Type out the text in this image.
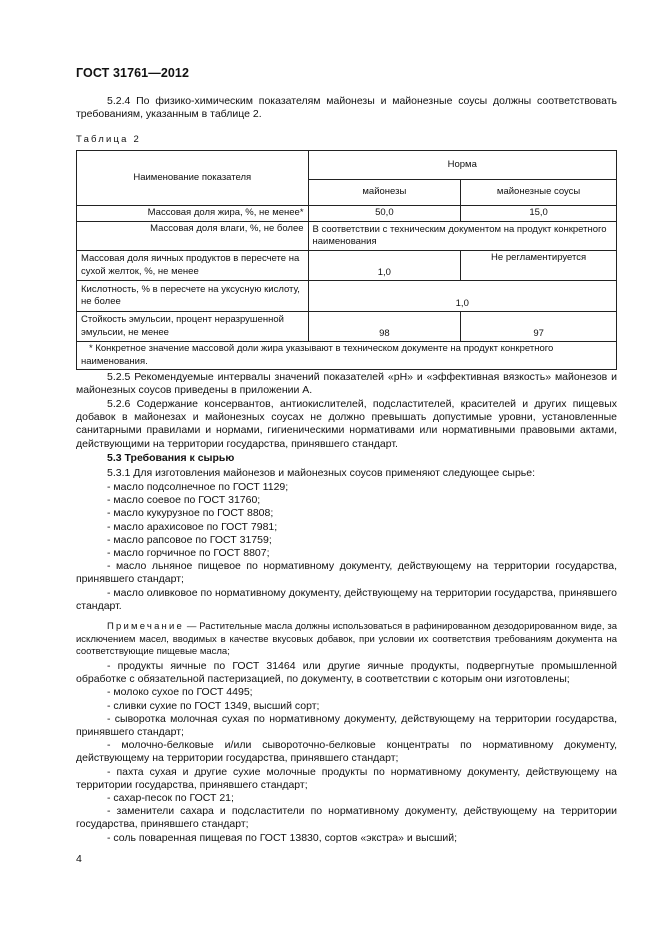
ГОСТ 31761—2012
5.2.4 По физико-химическим показателям майонезы и майонезные соусы должны соответствовать требованиям, указанным в таблице 2.
Таблица 2
Наименование показателя	Норма	
	майонезы	майонезные соусы
Массовая доля жира, %, не менее*	50,0	15,0
Массовая доля влаги, %, не более	В соответствии с техническим документом на продукт конкретного наименования	
Массовая доля яичных продуктов в пересчете на сухой желток, %, не менее	1,0	Не регламентируется
Кислотность, % в пересчете на уксусную кислоту, не более	1,0	
Стойкость эмульсии, процент неразрушенной эмульсии, не менее	98	97
* Конкретное значение массовой доли жира указывают в техническом документе на продукт конкретного наименования.		
5.2.5 Рекомендуемые интервалы значений показателей «рН» и «эффективная вязкость» майонезов и майонезных соусов приведены в приложении А.
5.2.6 Содержание консервантов, антиокислителей, подсластителей, красителей и других пищевых добавок в майонезах и майонезных соусах не должно превышать допустимые уровни, установленные санитарными правилами и нормами, гигиеническими нормативами или нормативными правовыми актами, действующими на территории государства, принявшего стандарт.
5.3 Требования к сырью
5.3.1 Для изготовления майонезов и майонезных соусов применяют следующее сырье:
- масло подсолнечное по ГОСТ 1129;
- масло соевое по ГОСТ 31760;
- масло кукурузное по ГОСТ 8808;
- масло арахисовое по ГОСТ 7981;
- масло рапсовое по ГОСТ 31759;
- масло горчичное по ГОСТ 8807;
- масло льняное пищевое по нормативному документу, действующему на территории государства, принявшего стандарт;
- масло оливковое по нормативному документу, действующему на территории государства, принявшего стандарт.
Примечание — Растительные масла должны использоваться в рафинированном дезодорированном виде, за исключением масел, вводимых в качестве вкусовых добавок, при условии их соответствия требованиям документа на соответствующие пищевые масла;
- продукты яичные по ГОСТ 31464 или другие яичные продукты, подвергнутые промышленной обработке с обязательной пастеризацией, по документу, в соответствии с которым они изготовлены;
- молоко сухое по ГОСТ 4495;
- сливки сухие по ГОСТ 1349, высший сорт;
- сыворотка молочная сухая по нормативному документу, действующему на территории государства, принявшего стандарт;
- молочно-белковые и/или сывороточно-белковые концентраты по нормативному документу, действующему на территории государства, принявшего стандарт;
- пахта сухая и другие сухие молочные продукты по нормативному документу, действующему на территории государства, принявшего стандарт;
- сахар-песок по ГОСТ 21;
- заменители сахара и подсластители по нормативному документу, действующему на территории государства, принявшего стандарт;
- соль поваренная пищевая по ГОСТ 13830, сортов «экстра» и высший;
4
